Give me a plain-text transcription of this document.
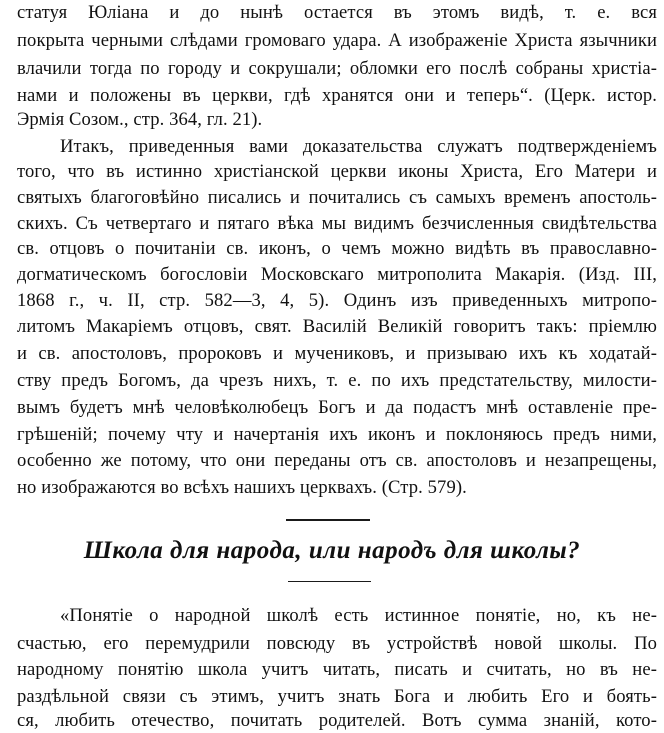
статуя Юліана и до нынѣ остается въ этомъ видѣ, т. е. вся
покрыта черными слѣдами громоваго удара. А изображеніе Христа язычники
влачили тогда по городу и сокрушали; обломки его послѣ собраны христіа-
нами и положены въ церкви, гдѣ хранятся они и теперь“. (Церк. истор.
Эрмія Созом., стр. 364, гл. 21).
Итакъ, приведенныя вами доказательства служатъ подтвержденіемъ
того, что въ истинно христіанской церкви иконы Христа, Его Матери и
святыхъ благоговѣйно писались и почитались съ самыхъ временъ апостоль-
скихъ. Съ четвертаго и пятаго вѣка мы видимъ безчисленныя свидѣтельства
св. отцовъ о почитаніи св. иконъ, о чемъ можно видѣть въ православно-
догматическомъ богословіи Московскаго митрополита Макарія. (Изд. III,
1868 г., ч. II, стр. 582—3, 4, 5). Одинъ изъ приведенныхъ митропо-
литомъ Макаріемъ отцовъ, свят. Василій Великій говоритъ такъ: пріемлю
и св. апостоловъ, пророковъ и мучениковъ, и призываю ихъ къ ходатай-
ству предъ Богомъ, да чрезъ нихъ, т. е. по ихъ предстательству, милости-
вымъ будетъ мнѣ человѣколюбецъ Богъ и да подастъ мнѣ оставленіе пре-
грѣшеній; почему чту и начертанія ихъ иконъ и поклоняюсь предъ ними,
особенно же потому, что они переданы отъ св. апостоловъ и незапрещены,
но изображаются во всѣхъ нашихъ церквахъ. (Стр. 579).
Школа для народа, или народъ для школы?
«Понятіе о народной школѣ есть истинное понятіе, но, къ не-
счастью, его перемудрили повсюду въ устройствѣ новой школы. По
народному понятію школа учитъ читать, писать и считать, но въ не-
раздѣльной связи съ этимъ, учитъ знать Бога и любить Его и боять-
ся, любить отечество, почитать родителей. Вотъ сумма знаній, кото-
